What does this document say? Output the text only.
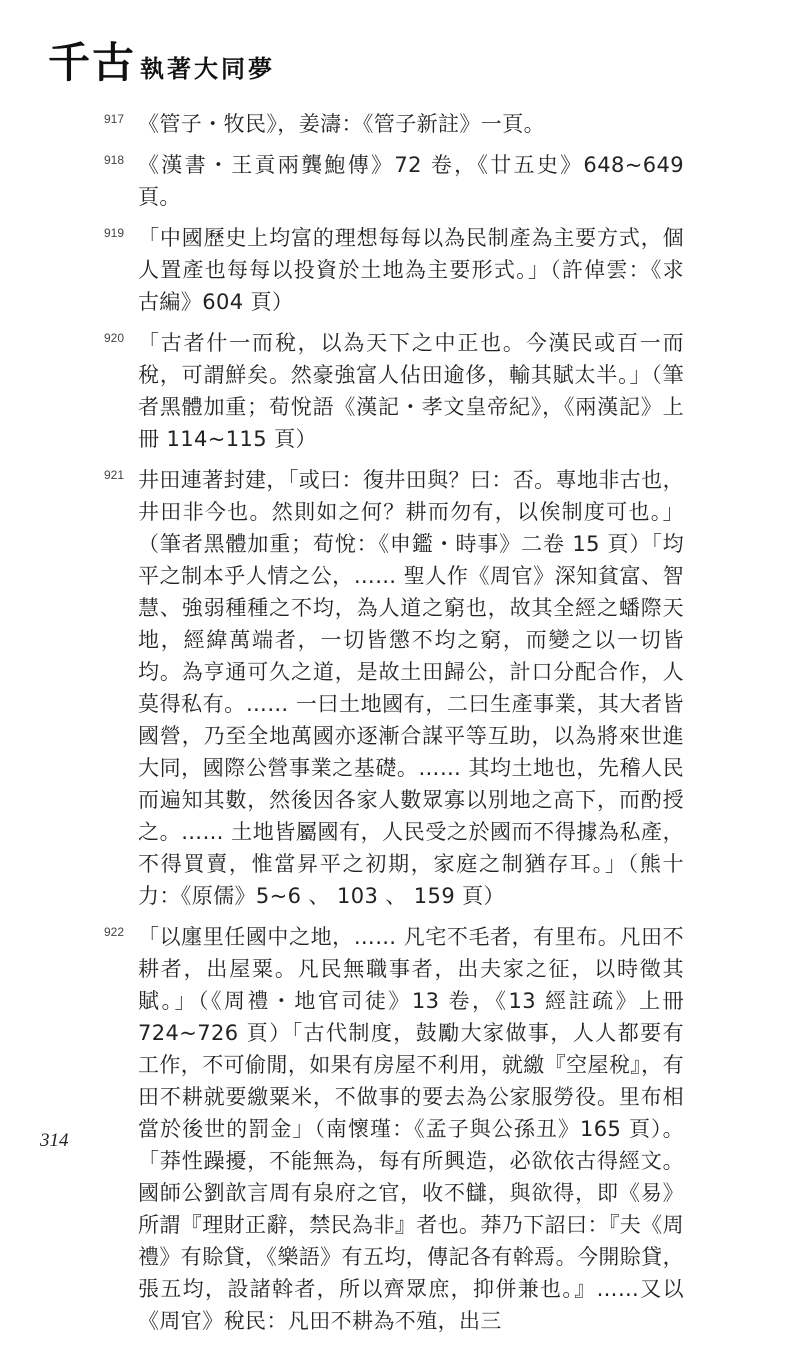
千古 執著大同夢
917 《管子・牧民》，姜濤：《管子新註》一頁。
918 《漢書・王貢兩龔鮑傳》72 卷，《廿五史》648~649 頁。
919 「中國歷史上均富的理想每每以為民制產為主要方式，個人置產也每每以投資於土地為主要形式。」（許倬雲：《求古編》604 頁）
920 「古者什一而稅，以為天下之中正也。今漢民或百一而稅，可謂鮮矣。然豪強富人佔田逾侈，輸其賦太半。」（筆者黑體加重；荀悅語《漢記・孝文皇帝紀》，《兩漢記》上冊 114~115 頁）
921 井田連著封建，「或曰：復井田與？曰：否。專地非古也，井田非今也。然則如之何？耕而勿有，以俟制度可也。」（筆者黑體加重；荀悅：《申鑑・時事》二卷 15 頁）「均平之制本乎人情之公，…… 聖人作《周官》深知貧富、智慧、強弱種種之不均，為人道之窮也，故其全經之蟠際天地，經緯萬端者，一切皆懲不均之窮，而變之以一切皆均。為亨通可久之道，是故土田歸公，計口分配合作，人莫得私有。…… 一曰土地國有，二曰生產事業，其大者皆國營，乃至全地萬國亦逐漸合謀平等互助，以為將來世進大同，國際公營事業之基礎。…… 其均土地也，先稽人民而遍知其數，然後因各家人數眾寡以別地之高下，而酌授之。…… 土地皆屬國有，人民受之於國而不得據為私產，不得買賣，惟當昇平之初期，家庭之制猶存耳。」（熊十力：《原儒》5~6 、 103 、 159 頁）
922 「以廛里任國中之地，…… 凡宅不毛者，有里布。凡田不耕者，出屋粟。凡民無職事者，出夫家之征，以時徵其賦。」（《周禮・地官司徒》13 卷，《13 經註疏》上冊 724~726 頁）「古代制度，鼓勵大家做事，人人都要有工作，不可偷閒，如果有房屋不利用，就繳『空屋稅』，有田不耕就要繳粟米，不做事的要去為公家服勞役。里布相當於後世的罰金」（南懷瑾：《孟子與公孫丑》165 頁）。「莽性躁擾，不能無為，每有所興造，必欲依古得經文。國師公劉歆言周有泉府之官，收不讎，與欲得，即《易》所謂『理財正辭，禁民為非』者也。莽乃下詔曰：『夫《周禮》有賒貸，《樂語》有五均，傳記各有斡焉。今開賒貸，張五均，設諸斡者，所以齊眾庶，抑併兼也。』……又以《周官》稅民：凡田不耕為不殖，出三
314
